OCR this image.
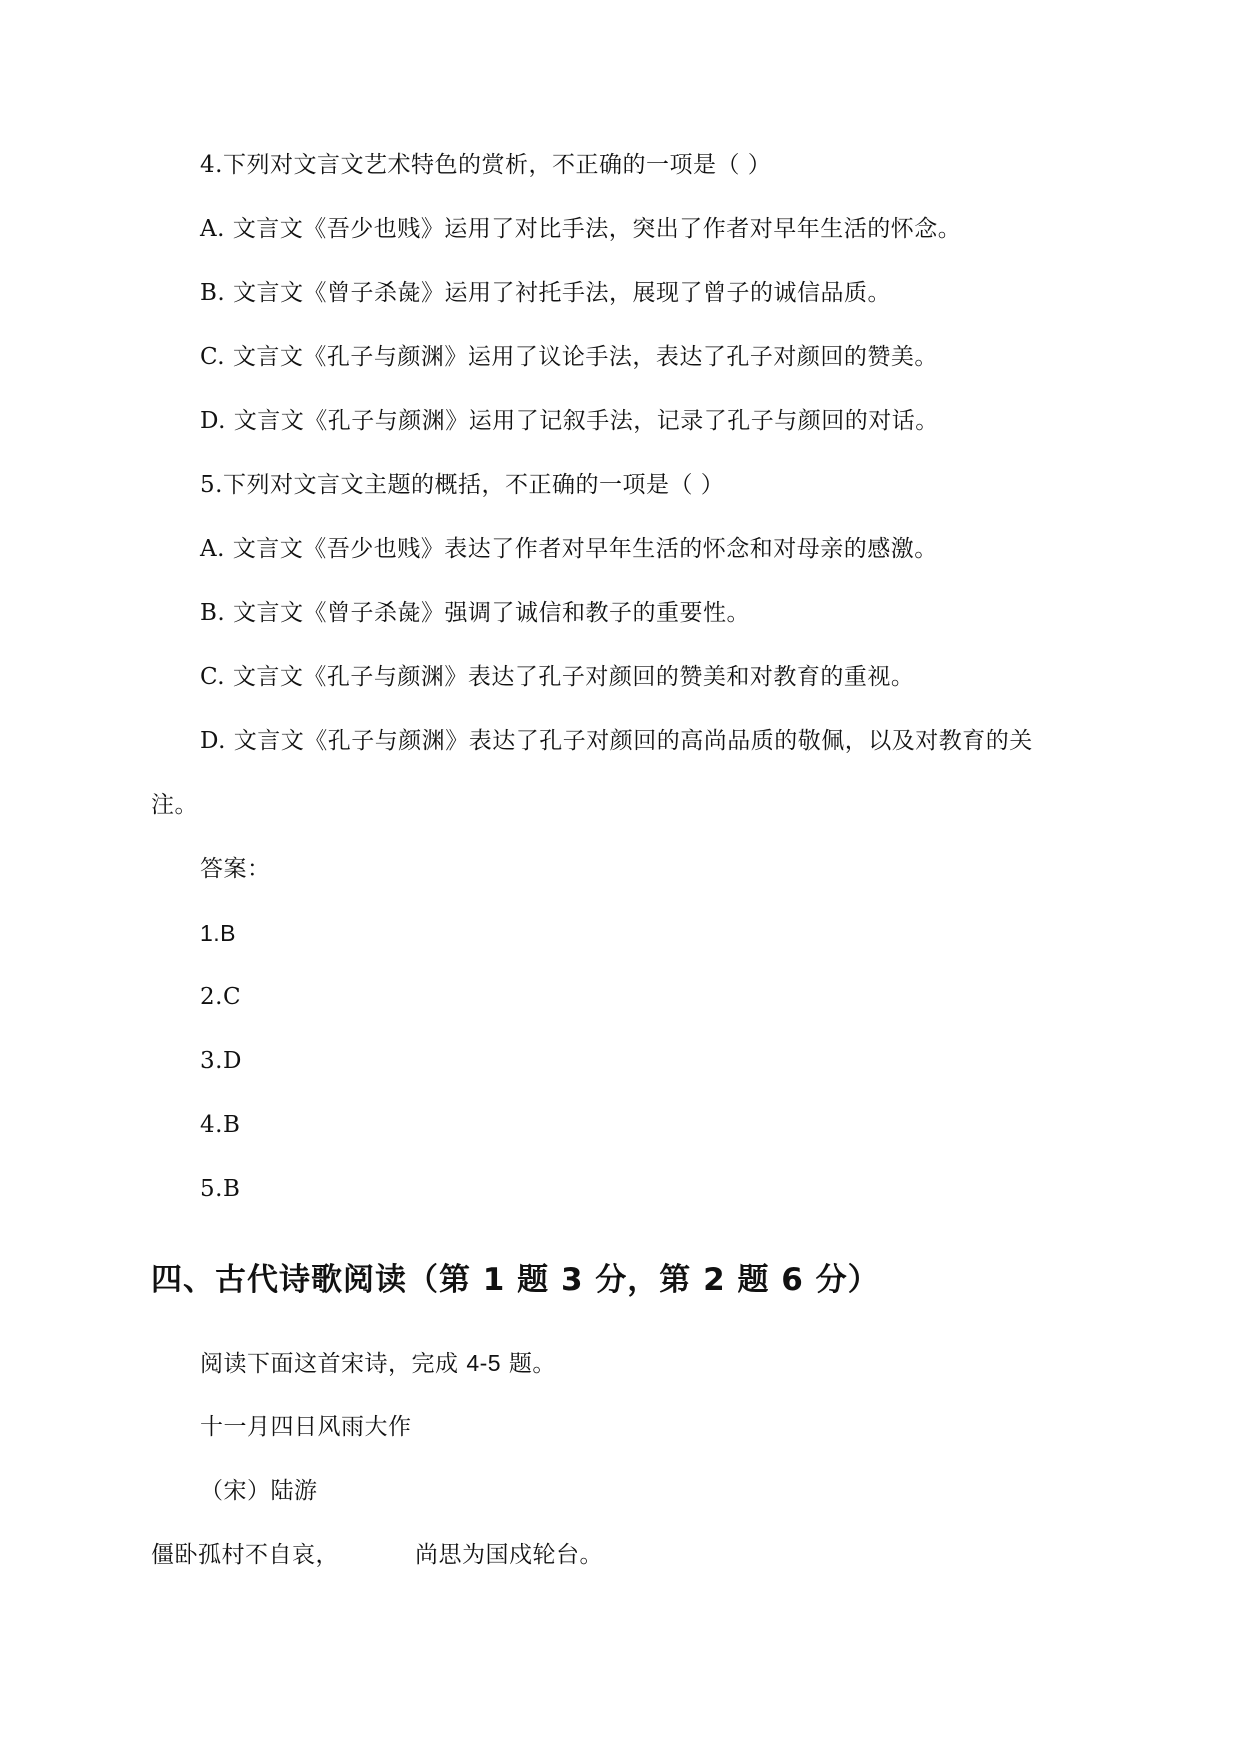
4.下列对文言文艺术特色的赏析，不正确的一项是（ ）
A. 文言文《吾少也贱》运用了对比手法，突出了作者对早年生活的怀念。
B. 文言文《曾子杀彘》运用了衬托手法，展现了曾子的诚信品质。
C. 文言文《孔子与颜渊》运用了议论手法，表达了孔子对颜回的赞美。
D. 文言文《孔子与颜渊》运用了记叙手法，记录了孔子与颜回的对话。
5.下列对文言文主题的概括，不正确的一项是（ ）
A. 文言文《吾少也贱》表达了作者对早年生活的怀念和对母亲的感激。
B. 文言文《曾子杀彘》强调了诚信和教子的重要性。
C. 文言文《孔子与颜渊》表达了孔子对颜回的赞美和对教育的重视。
D. 文言文《孔子与颜渊》表达了孔子对颜回的高尚品质的敬佩，以及对教育的关
注。
答案：
1.B
2.C
3.D
4.B
5.B
四、古代诗歌阅读（第 1 题 3 分，第 2 题 6 分）
阅读下面这首宋诗，完成 4-5 题。
十一月四日风雨大作
（宋）陆游
僵卧孤村不自哀，	尚思为国戍轮台。
